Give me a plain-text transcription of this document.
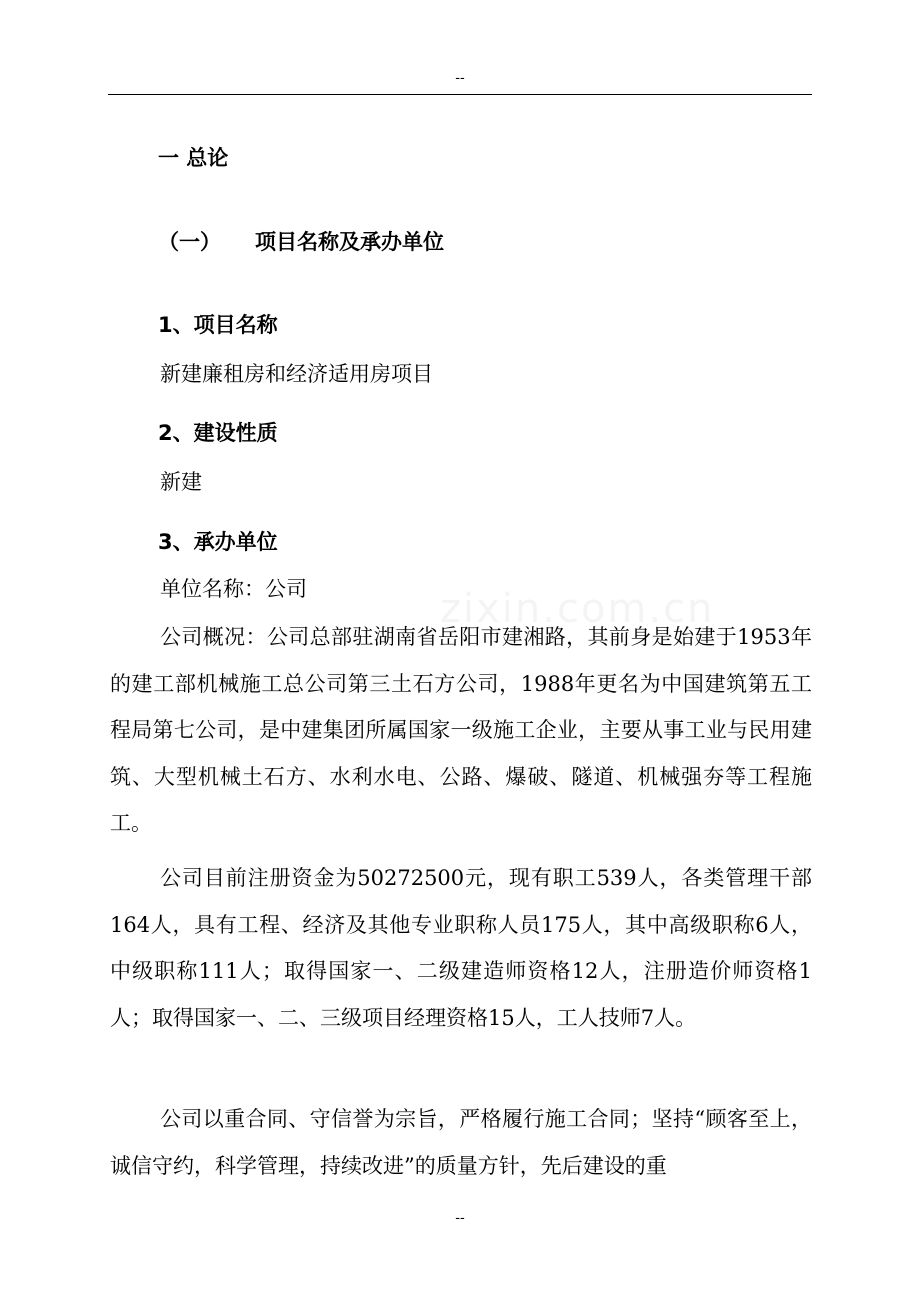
--
zixin.com.cn
一 总论
（一） 项目名称及承办单位
1、项目名称
新建廉租房和经济适用房项目
2、建设性质
新建
3、承办单位
单位名称：公司

公司概况：公司总部驻湖南省岳阳市建湘路，其前身是始建于1953年的建工部机械施工总公司第三土石方公司，1988年更名为中国建筑第五工程局第七公司，是中建集团所属国家一级施工企业，主要从事工业与民用建筑、大型机械土石方、水利水电、公路、爆破、隧道、机械强夯等工程施工。

公司目前注册资金为50272500元，现有职工539人，各类管理干部164人，具有工程、经济及其他专业职称人员175人，其中高级职称6人，中级职称111人；取得国家一、二级建造师资格12人，注册造价师资格1人；取得国家一、二、三级项目经理资格15人，工人技师7人。

公司以重合同、守信誉为宗旨，严格履行施工合同；坚持“顾客至上，诚信守约，科学管理，持续改进”的质量方针，先后建设的重

--
